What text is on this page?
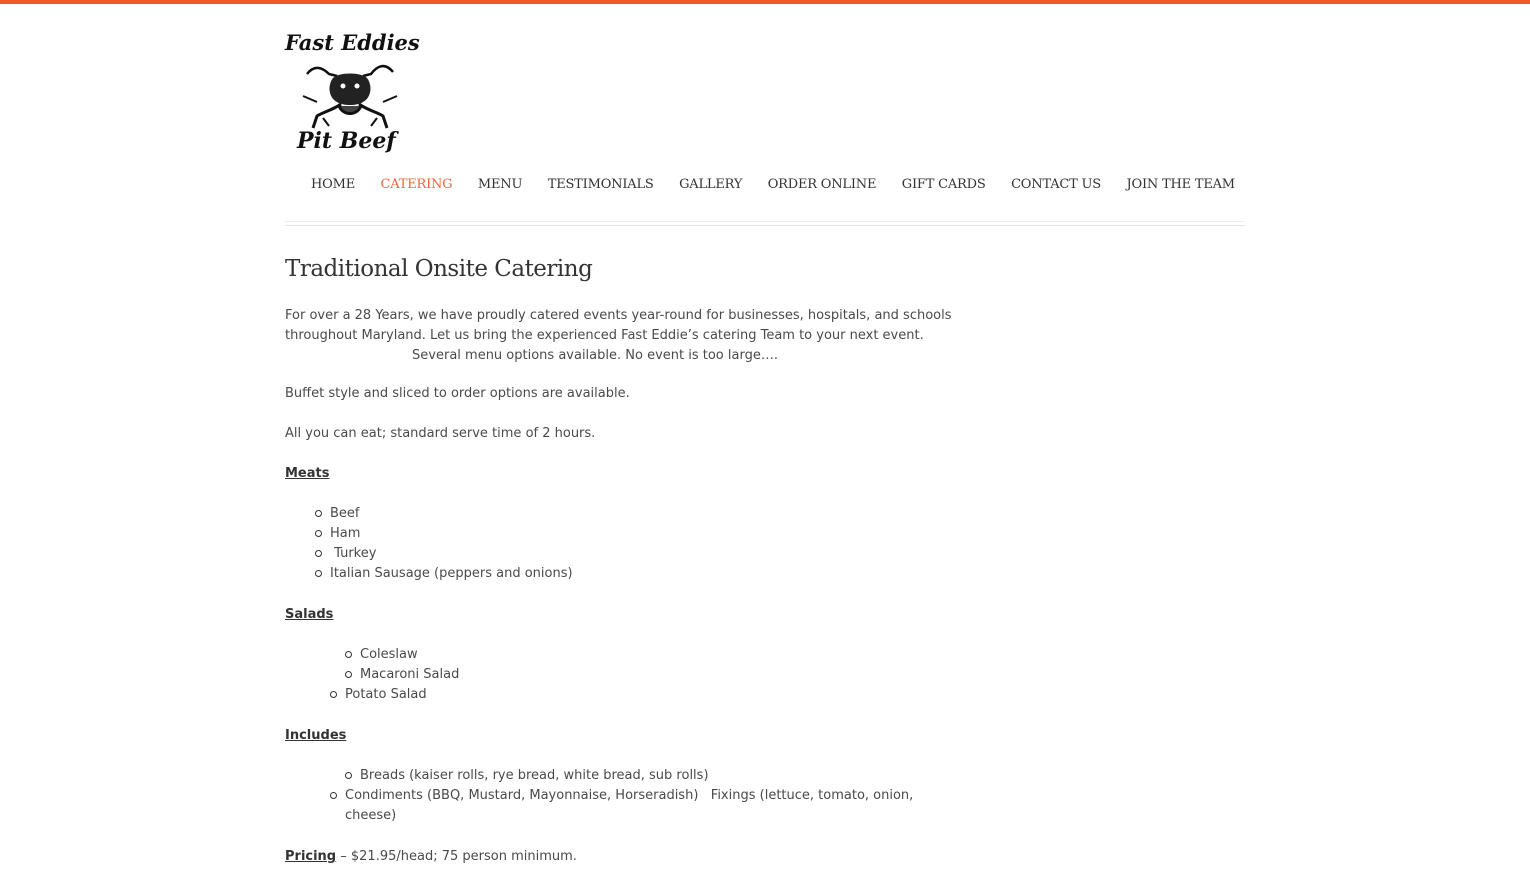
Fast Eddies
Pit Beef
HOME CATERING MENU TESTIMONIALS GALLERY ORDER ONLINE GIFT CARDS CONTACT US JOIN THE TEAM
Traditional Onsite Catering

For over a 28 Years, we have proudly catered events year-round for businesses, hospitals, and schools

throughout Maryland. Let us bring the experienced Fast Eddie’s catering Team to your next event.

Several menu options available. No event is too large….

Buffet style and sliced to order options are available.
All you can eat; standard serve time of 2 hours.
Meats
Beef
Ham
Turkey
Italian Sausage (peppers and onions)
Salads
Coleslaw
Macaroni Salad
Potato Salad
Includes
Breads (kaiser rolls, rye bread, white bread, sub rolls)
Condiments (BBQ, Mustard, Mayonnaise, Horseradish)   Fixings (lettuce, tomato, onion,
cheese)
Pricing – $21.95/head; 75 person minimum.
